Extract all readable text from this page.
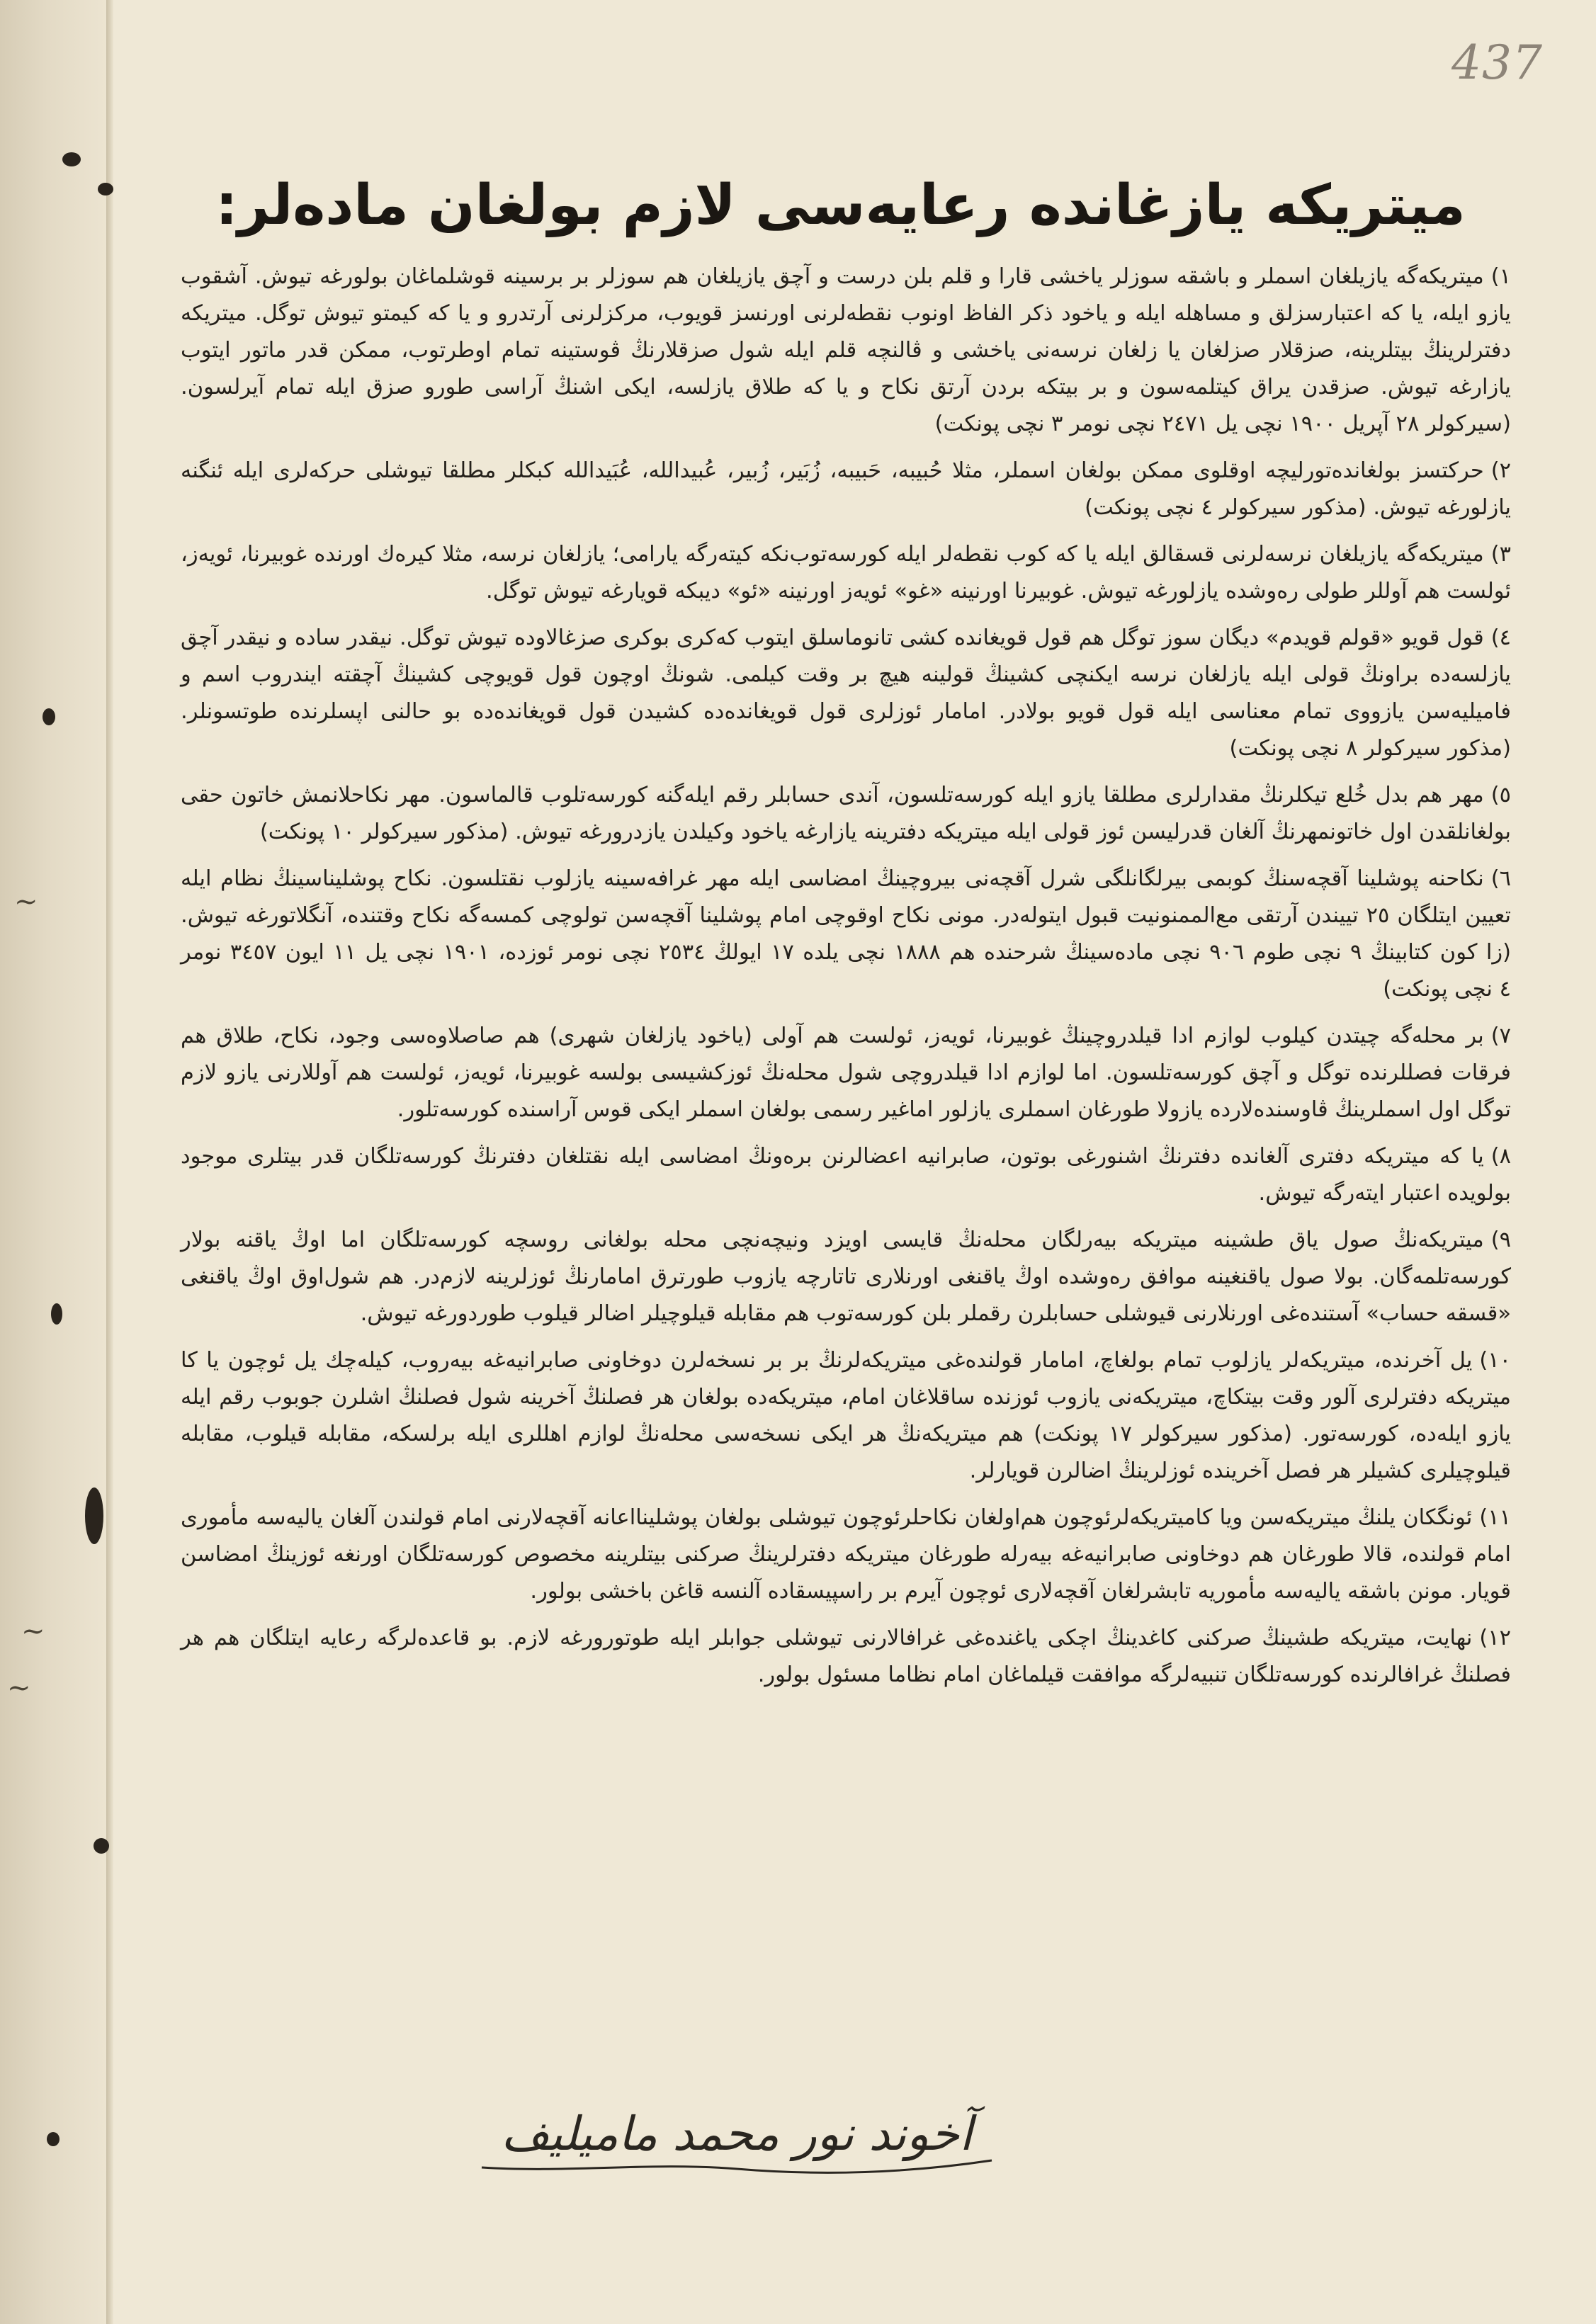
~
~
~
437
میتریکه یازغانده رعایه‌سی لازم بولغان ماده‌لر:

١)میتریکه‌گه یازیلغان اسملر و باشقه سوزلر یاخشی قارا و قلم بلن درست و آچق یازیلغان هم سوزلر بر برسینه قوشلماغان بولورغه تیوش. آشقوب یازو ایله، یا که اعتبارسزلق و مساهله ایله و یاخود ذکر الفاظ اونوب نقطه‌لرنی اورنسز قویوب، مرکزلرنی آرتدرو و یا که کیمتو تیوش توگل. میتریکه دفترلرینڭ بیتلرینه، صزقلار صزلغان یا زلغان نرسه‌نی یاخشی و ڨالنچه قلم ایله شول صزقلارنڭ ڨوستینه تمام اوطرتوب، ممکن قدر ماتور ایتوب یازارغه تیوش. صزقدن یراق کیتلمه‌سون و بر بیتکه بردن آرتق نکاح و یا که طلاق یازلسه، ایکی اشنڭ آراسی طورو صزق ایله تمام آیرلسون. (سیرکولر ٢٨ آپریل ١٩٠٠ نچی یل ٢٤٧١ نچی نومر ٣ نچی پونکت)

٢)حرکتسز بولغانده‌تورلیچه اوقلوی ممکن بولغان اسملر، مثلا حُبیبه، حَبیبه، زُبَیر، زُبیر، عُبیدالله، عُبَیدالله کبکلر مطلقا تیوشلی حرکه‌لری ایله ئنگنه یازلورغه تیوش. (مذکور سیرکولر ٤ نچی پونکت)

٣)میتریکه‌گه یازیلغان نرسه‌لرنی قسقالق ایله یا که کوب نقطه‌لر ایله کورسه‌توب‌نکه کیته‌رگه یارامی؛ یازلغان نرسه، مثلا کیرەك اورنده غوبیرنا، ئویەز، ئولست هم آوللر طولی رەوشده یازلورغه تیوش. غوبیرنا اورنینه «غو» ئویەز اورنینه «ئو» دیبکه قویارغه تیوش توگل.

٤)قول قویو «قولم قویدم» دیگان سوز توگل هم قول قویغانده کشی تانوماسلق ایتوب که‌کری بوکری صزغالاوده تیوش توگل. نیقدر ساده و نیقدر آچق یازلسه‌ده براونڭ قولی ایله یازلغان نرسه ایکنچی کشینڭ قولینه هیچ بر وقت کیلمی. شونڭ اوچون قول قویوچی کشینڭ آچقته ایندروب اسم و فامیلیه‌سن یازووی تمام معناسی ایله قول قویو بولادر. امامار ئوزلری قول قویغانده‌ده کشیدن قول قویغانده‌ده بو حالنی اپسلرنده طوتسونلر. (مذکور سیرکولر ٨ نچی پونکت)

٥)مهر هم بدل خُلع تیکلرنڭ مقدارلری مطلقا یازو ایله کورسه‌تلسون، آندی حسابلر رقم ایله‌گنه کورسه‌تلوب قالماسون. مهر نکاحلانمش خاتون حقی بولغانلقدن اول خاتونمهرنڭ آلغان قدرلیسن ئوز قولی ایله میتریکه دفترینه یازارغه یاخود وکیلدن یازدرورغه تیوش. (مذکور سیرکولر ١٠ پونکت)

٦)نکاحنه پوشلینا آقچه‌سنڭ کوبمی بیرلگانلگی شرل آقچه‌نی بیروچینڭ امضاسی ایله مهر غرافه‌سینه یازلوب نقتلسون. نکاح پوشلیناسینڭ نظام ایله تعیین ایتلگان ٢٥ تییندن آرتقی مع‌الممنونیت قبول ایتوله‌در. مونی نکاح اوقوچی امام پوشلینا آقچه‌سن تولوچی کمسه‌گه نکاح وقتنده، آنگلاتورغه تیوش. (زا کون کتابینڭ ٩ نچی طوم ٩٠٦ نچی ماده‌سینڭ شرحنده هم ١٨٨٨ نچی یلده ١٧ ایولڭ ٢٥٣٤ نچی نومر ئوزده، ١٩٠١ نچی یل ١١ ایون ٣٤٥٧ نومر ٤ نچی پونکت)

٧)بر محله‌گه چیتدن کیلوب لوازم ادا قیلدروچینڭ غوبیرنا، ئویەز، ئولست هم آولی (یاخود یازلغان شهری) هم صاصلاوه‌سی وجود، نکاح، طلاق هم فرقات فصللرنده توگل و آچق کورسه‌تلسون. اما لوازم ادا قیلدروچی شول محله‌نڭ ئوزکشیسی بولسه غوبیرنا، ئویەز، ئولست هم آوللارنی یازو لازم توگل اول اسملرینڭ ڨاوسنده‌لارده یازولا طورغان اسملری یازلور اماغیر رسمی بولغان اسملر ایکی قوس آراسنده کورسه‌تلور.

٨)یا که میتریکه دفتری آلغانده دفترنڭ اشنورغی بوتون، صابرانیه اعضالرنن برەونڭ امضاسی ایله نقتلغان دفترنڭ کورسه‌تلگان قدر بیتلری موجود بولویده اعتبار ایته‌رگه تیوش.

٩)میتریکه‌نڭ صول یاق طشینه میتریکه بیه‌رلگان محله‌نڭ قایسی اویزد ونیچه‌نچی محله بولغانی روسچه کورسه‌تلگان اما اوڭ یاقنه بولار کورسه‌تلمه‌گان. بولا صول یاقنغینه موافق رەوشده اوڭ یاقنغی اورنلاری تاتارچه یازوب طورترق امامارنڭ ئوزلرینه لازم‌در. هم شول‌اوق اوڭ یاقنغی «قسقه حساب» آستنده‌غی اورنلارنی قیوشلی حسابلرن رقملر بلن کورسه‌توب هم مقابله قیلوچیلر اضالر قیلوب طوردورغه تیوش.

١٠)یل آخرنده، میتریکه‌لر یازلوب تمام بولغاچ، امامار قولنده‌غی میتریکه‌لرنڭ بر بر نسخه‌لرن دوخاونی صابرانیه‌غه بیه‌روب، کیله‌چك یل ئوچون یا کا میتریکه دفترلری آلور وقت بیتکاچ، میتریکه‌نی یازوب ئوزنده ساقلاغان امام، میتریکه‌ده بولغان هر فصلنڭ آخرینه شول فصلنڭ اشلرن جوبوب رقم ایله یازو ایله‌ده، کورسه‌تور. (مذکور سیرکولر ١٧ پونکت) هم میتریکه‌نڭ هر ایکی نسخه‌سی محله‌نڭ لوازم اهللری ایله برلسکه، مقابله قیلوب، مقابله قیلوچیلری کشیلر هر فصل آخرینده ئوزلرینڭ اضالرن قویارلر.

١١)ئونگکان یلنڭ میتریکه‌سن ویا کامیتریکه‌لرئوچون هم‌اولغان نکاحلرئوچون تیوشلی بولغان پوشلینااعانه آقچه‌لارنی امام قولندن آلغان یالیه‌سه مأموری امام قولنده، قالا طورغان هم دوخاونی صابرانیه‌غه بیه‌رله طورغان میتریکه دفترلرینڭ صرکنی بیتلرینه مخصوص کورسه‌تلگان اورنغه ئوزینڭ امضاسن قویار. مونن باشقه یالیه‌سه مأموریه تابشرلغان آقچه‌لاری ئوچون آیرم بر راسپیسقاده آلنسه قاغن باخشی بولور.

١٢)نهایت، میتریکه طشینڭ صرکنی کاغدینڭ اچکی یاغنده‌غی غرافالارنی تیوشلی جوابلر ایله طوتورورغه لازم. بو قاعده‌لرگه رعایه ایتلگان هم هر فصلنڭ غرافالرنده کورسه‌تلگان تنبیه‌لرگه موافقت قیلماغان امام نظاما مسئول بولور.

آخوند نور محمد مامیلیف
